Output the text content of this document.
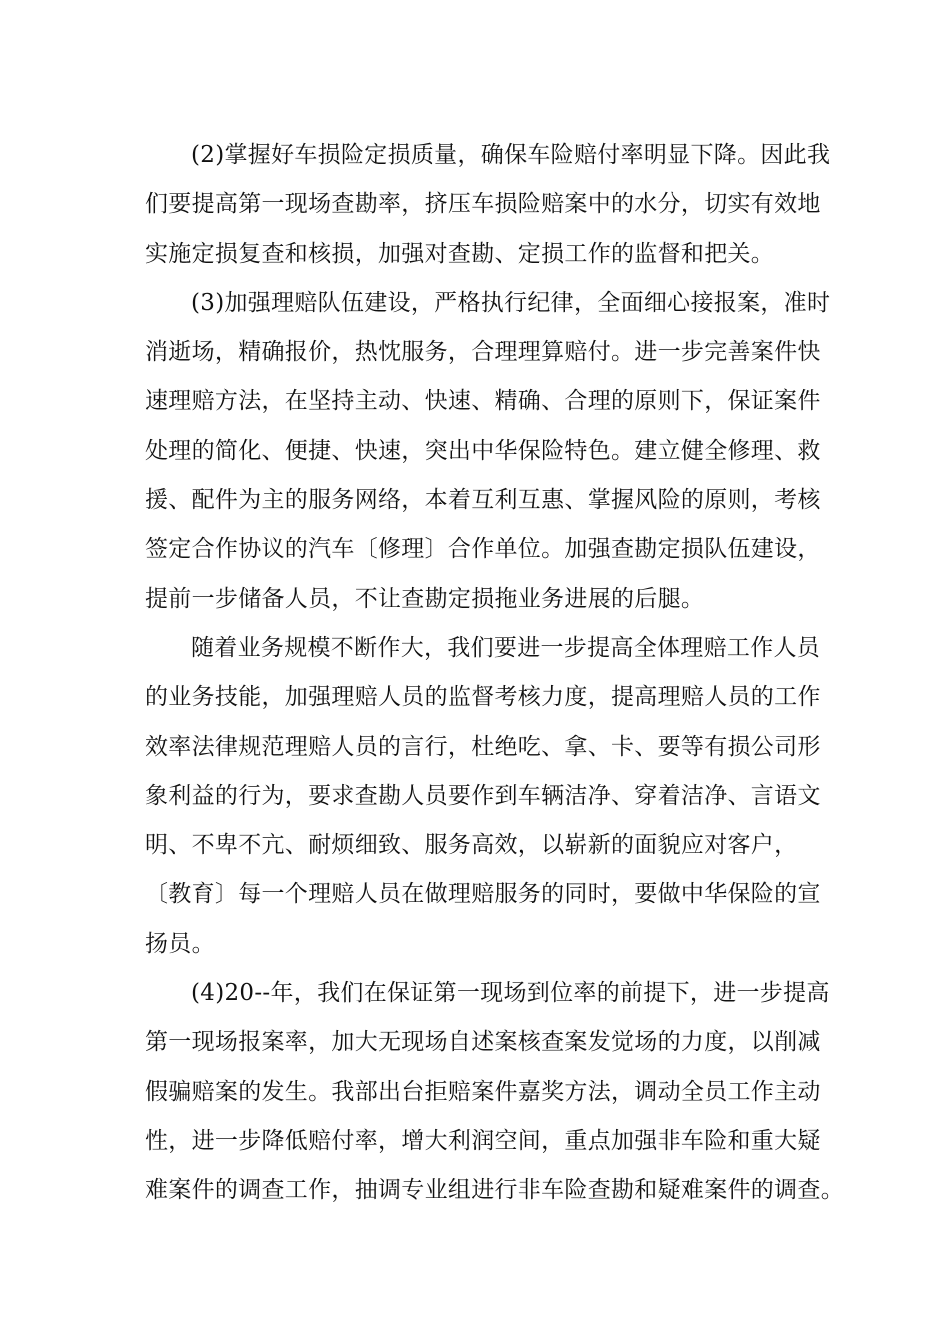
(2)掌握好车损险定损质量，确保车险赔付率明显下降。因此我
们要提高第一现场查勘率，挤压车损险赔案中的水分，切实有效地
实施定损复查和核损，加强对查勘、定损工作的监督和把关。

(3)加强理赔队伍建设，严格执行纪律，全面细心接报案，准时
消逝场，精确报价，热忱服务，合理理算赔付。进一步完善案件快
速理赔方法，在坚持主动、快速、精确、合理的原则下，保证案件
处理的简化、便捷、快速，突出中华保险特色。建立健全修理、救
援、配件为主的服务网络，本着互利互惠、掌握风险的原则，考核
签定合作协议的汽车〔修理〕合作单位。加强查勘定损队伍建设，
提前一步储备人员，不让查勘定损拖业务进展的后腿。

随着业务规模不断作大，我们要进一步提高全体理赔工作人员
的业务技能，加强理赔人员的监督考核力度，提高理赔人员的工作
效率法律规范理赔人员的言行，杜绝吃、拿、卡、要等有损公司形
象利益的行为，要求查勘人员要作到车辆洁净、穿着洁净、言语文
明、不卑不亢、耐烦细致、服务高效，以崭新的面貌应对客户，
〔教育〕每一个理赔人员在做理赔服务的同时，要做中华保险的宣
扬员。

(4)20--年，我们在保证第一现场到位率的前提下，进一步提高
第一现场报案率，加大无现场自述案核查案发觉场的力度，以削减
假骗赔案的发生。我部出台拒赔案件嘉奖方法，调动全员工作主动
性，进一步降低赔付率，增大利润空间，重点加强非车险和重大疑
难案件的调查工作，抽调专业组进行非车险查勘和疑难案件的调查。
